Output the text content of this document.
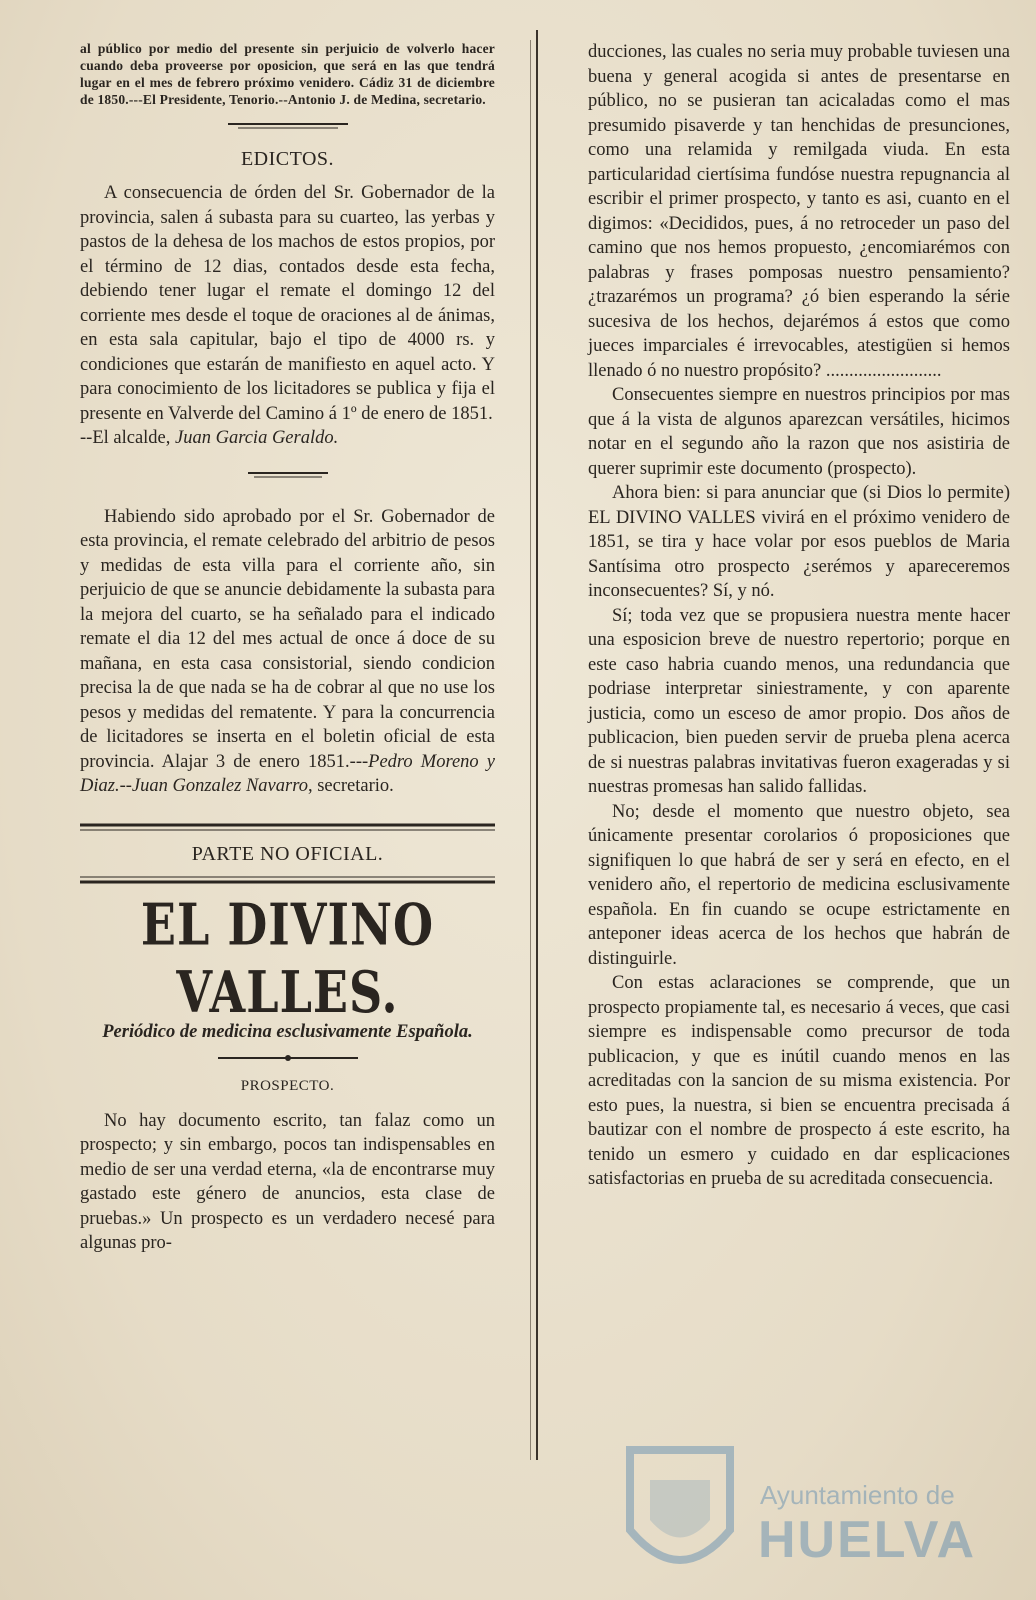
al público por medio del presente sin perjuicio de volverlo hacer cuando deba proveerse por oposicion, que será en las que tendrá lugar en el mes de febrero próximo venidero. Cádiz 31 de diciembre de 1850.---El Presidente, Tenorio.--Antonio J. de Medina, secretario.

EDICTOS.

A consecuencia de órden del Sr. Gobernador de la provincia, salen á subasta para su cuarteo, las yerbas y pastos de la dehesa de los machos de estos propios, por el término de 12 dias, contados desde esta fecha, debiendo tener lugar el remate el domingo 12 del corriente mes desde el toque de oraciones al de ánimas, en esta sala capitular, bajo el tipo de 4000 rs. y condiciones que estarán de manifiesto en aquel acto. Y para conocimiento de los licitadores se publica y fija el presente en Valverde del Camino á 1º de enero de 1851.
--El alcalde, Juan Garcia Geraldo.

Habiendo sido aprobado por el Sr. Gobernador de esta provincia, el remate celebrado del arbitrio de pesos y medidas de esta villa para el corriente año, sin perjuicio de que se anuncie debidamente la subasta para la mejora del cuarto, se ha señalado para el indicado remate el dia 12 del mes actual de once á doce de su mañana, en esta casa consistorial, siendo condicion precisa la de que nada se ha de cobrar al que no use los pesos y medidas del rematente. Y para la concurrencia de licitadores se inserta en el boletin oficial de esta provincia. Alajar 3 de enero 1851.---Pedro Moreno y Diaz.--Juan Gonzalez Navarro, secretario.

PARTE NO OFICIAL.
EL DIVINO VALLES.
Periódico de medicina esclusivamente Española.
PROSPECTO.

No hay documento escrito, tan falaz como un prospecto; y sin embargo, pocos tan indispensables en medio de ser una verdad eterna, «la de encontrarse muy gastado este género de anuncios, esta clase de pruebas.» Un prospecto es un verdadero necesé para algunas pro-

ducciones, las cuales no seria muy probable tuviesen una buena y general acogida si antes de presentarse en público, no se pusieran tan acicaladas como el mas presumido pisaverde y tan henchidas de presunciones, como una relamida y remilgada viuda. En esta particularidad ciertísima fundóse nuestra repugnancia al escribir el primer prospecto, y tanto es asi, cuanto en el digimos: «Decididos, pues, á no retroceder un paso del camino que nos hemos propuesto, ¿encomiarémos con palabras y frases pomposas nuestro pensamiento? ¿trazarémos un programa? ¿ó bien esperando la série sucesiva de los hechos, dejarémos á estos que como jueces imparciales é irrevocables, atestigüen si hemos llenado ó no nuestro propósito? .........................

Consecuentes siempre en nuestros principios por mas que á la vista de algunos aparezcan versátiles, hicimos notar en el segundo año la razon que nos asistiria de querer suprimir este documento (prospecto).

Ahora bien: si para anunciar que (si Dios lo permite) EL DIVINO VALLES vivirá en el próximo venidero de 1851, se tira y hace volar por esos pueblos de Maria Santísima otro prospecto ¿serémos y apareceremos inconsecuentes? Sí, y nó.

Sí; toda vez que se propusiera nuestra mente hacer una esposicion breve de nuestro repertorio; porque en este caso habria cuando menos, una redundancia que podriase interpretar siniestramente, y con aparente justicia, como un esceso de amor propio. Dos años de publicacion, bien pueden servir de prueba plena acerca de si nuestras palabras invitativas fueron exageradas y si nuestras promesas han salido fallidas.

No; desde el momento que nuestro objeto, sea únicamente presentar corolarios ó proposiciones que signifiquen lo que habrá de ser y será en efecto, en el venidero año, el repertorio de medicina esclusivamente española. En fin cuando se ocupe estrictamente en anteponer ideas acerca de los hechos que habrán de distinguirle.

Con estas aclaraciones se comprende, que un prospecto propiamente tal, es necesario á veces, que casi siempre es indispensable como precursor de toda publicacion, y que es inútil cuando menos en las acreditadas con la sancion de su misma existencia. Por esto pues, la nuestra, si bien se encuentra precisada á bautizar con el nombre de prospecto á este escrito, ha tenido un esmero y cuidado en dar esplicaciones satisfactorias en prueba de su acreditada consecuencia.

Ayuntamiento de
HUELVA
